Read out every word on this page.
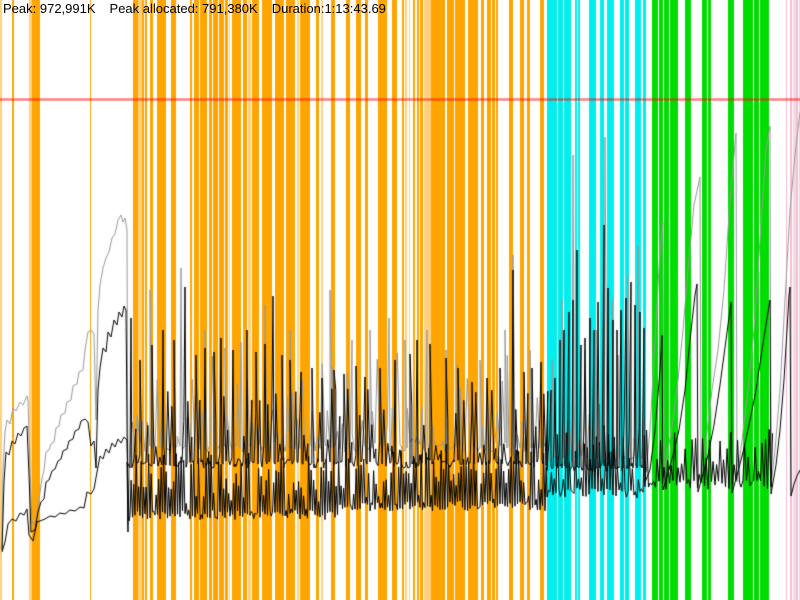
Peak: 972,991K Peak allocated: 791,380K Duration:1:13:43.69
